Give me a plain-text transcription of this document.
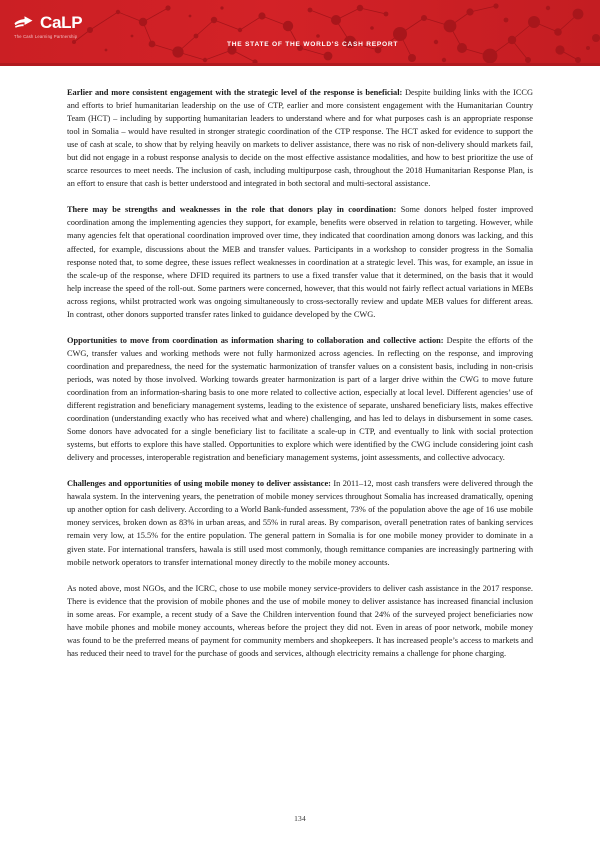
CaLP
The Cash Learning Partnership
THE STATE OF THE WORLD'S CASH REPORT

Earlier and more consistent engagement with the strategic level of the response is beneficial: Despite building links with the ICCG and efforts to brief humanitarian leadership on the use of CTP, earlier and more consistent engagement with the Humanitarian Country Team (HCT) – including by supporting humanitarian leaders to understand where and for what purposes cash is an appropriate response tool in Somalia – would have resulted in stronger strategic coordination of the CTP response. The HCT asked for evidence to support the use of cash at scale, to show that by relying heavily on markets to deliver assistance, there was no risk of non-delivery should markets fail, but did not engage in a robust response analysis to decide on the most effective assistance modalities, and how to best prioritize the use of scarce resources to meet needs. The inclusion of cash, including multipurpose cash, throughout the 2018 Humanitarian Response Plan, is an effort to ensure that cash is better understood and integrated in both sectoral and multi-sectoral assistance.

There may be strengths and weaknesses in the role that donors play in coordination: Some donors helped foster improved coordination among the implementing agencies they support, for example, benefits were observed in relation to targeting. However, while many agencies felt that operational coordination improved over time, they indicated that coordination among donors was lacking, and this affected, for example, discussions about the MEB and transfer values. Participants in a workshop to consider progress in the Somalia response noted that, to some degree, these issues reflect weaknesses in coordination at a strategic level. This was, for example, an issue in the scale-up of the response, where DFID required its partners to use a fixed transfer value that it determined, on the basis that it would help increase the speed of the roll-out. Some partners were concerned, however, that this would not fairly reflect actual variations in MEBs across regions, whilst protracted work was ongoing simultaneously to cross-sectorally review and update MEB values for different areas. In contrast, other donors supported transfer rates linked to guidance developed by the CWG.

Opportunities to move from coordination as information sharing to collaboration and collective action: Despite the efforts of the CWG, transfer values and working methods were not fully harmonized across agencies. In reflecting on the response, and improving coordination and preparedness, the need for the systematic harmonization of transfer values on a consistent basis, including in non-crisis periods, was noted by those involved. Working towards greater harmonization is part of a larger drive within the CWG to move future coordination from an information-sharing basis to one more related to collective action, especially at local level. Different agencies’ use of different registration and beneficiary management systems, leading to the existence of separate, unshared beneficiary lists, makes effective coordination (understanding exactly who has received what and where) challenging, and has led to delays in disbursement in some cases. Some donors have advocated for a single beneficiary list to facilitate a scale-up in CTP, and eventually to link with social protection systems, but efforts to explore this have stalled. Opportunities to explore which were identified by the CWG include considering joint cash delivery and processes, interoperable registration and beneficiary management systems, joint assessments, and collective advocacy.

Challenges and opportunities of using mobile money to deliver assistance: In 2011–12, most cash transfers were delivered through the hawala system. In the intervening years, the penetration of mobile money services throughout Somalia has increased dramatically, opening up another option for cash delivery. According to a World Bank-funded assessment, 73% of the population above the age of 16 use mobile money services, broken down as 83% in urban areas, and 55% in rural areas. By comparison, overall penetration rates of banking services remain very low, at 15.5% for the entire population. The general pattern in Somalia is for one mobile money provider to dominate in a given state. For international transfers, hawala is still used most commonly, though remittance companies are increasingly partnering with mobile network operators to transfer international money directly to the mobile money accounts.

As noted above, most NGOs, and the ICRC, chose to use mobile money service-providers to deliver cash assistance in the 2017 response. There is evidence that the provision of mobile phones and the use of mobile money to deliver assistance has increased financial inclusion in some areas. For example, a recent study of a Save the Children intervention found that 24% of the surveyed project beneficiaries now have mobile phones and mobile money accounts, whereas before the project they did not. Even in areas of poor network, mobile money was found to be the preferred means of payment for community members and shopkeepers. It has increased people’s access to markets and has reduced their need to travel for the purchase of goods and services, although electricity remains a challenge for phone charging.

134
